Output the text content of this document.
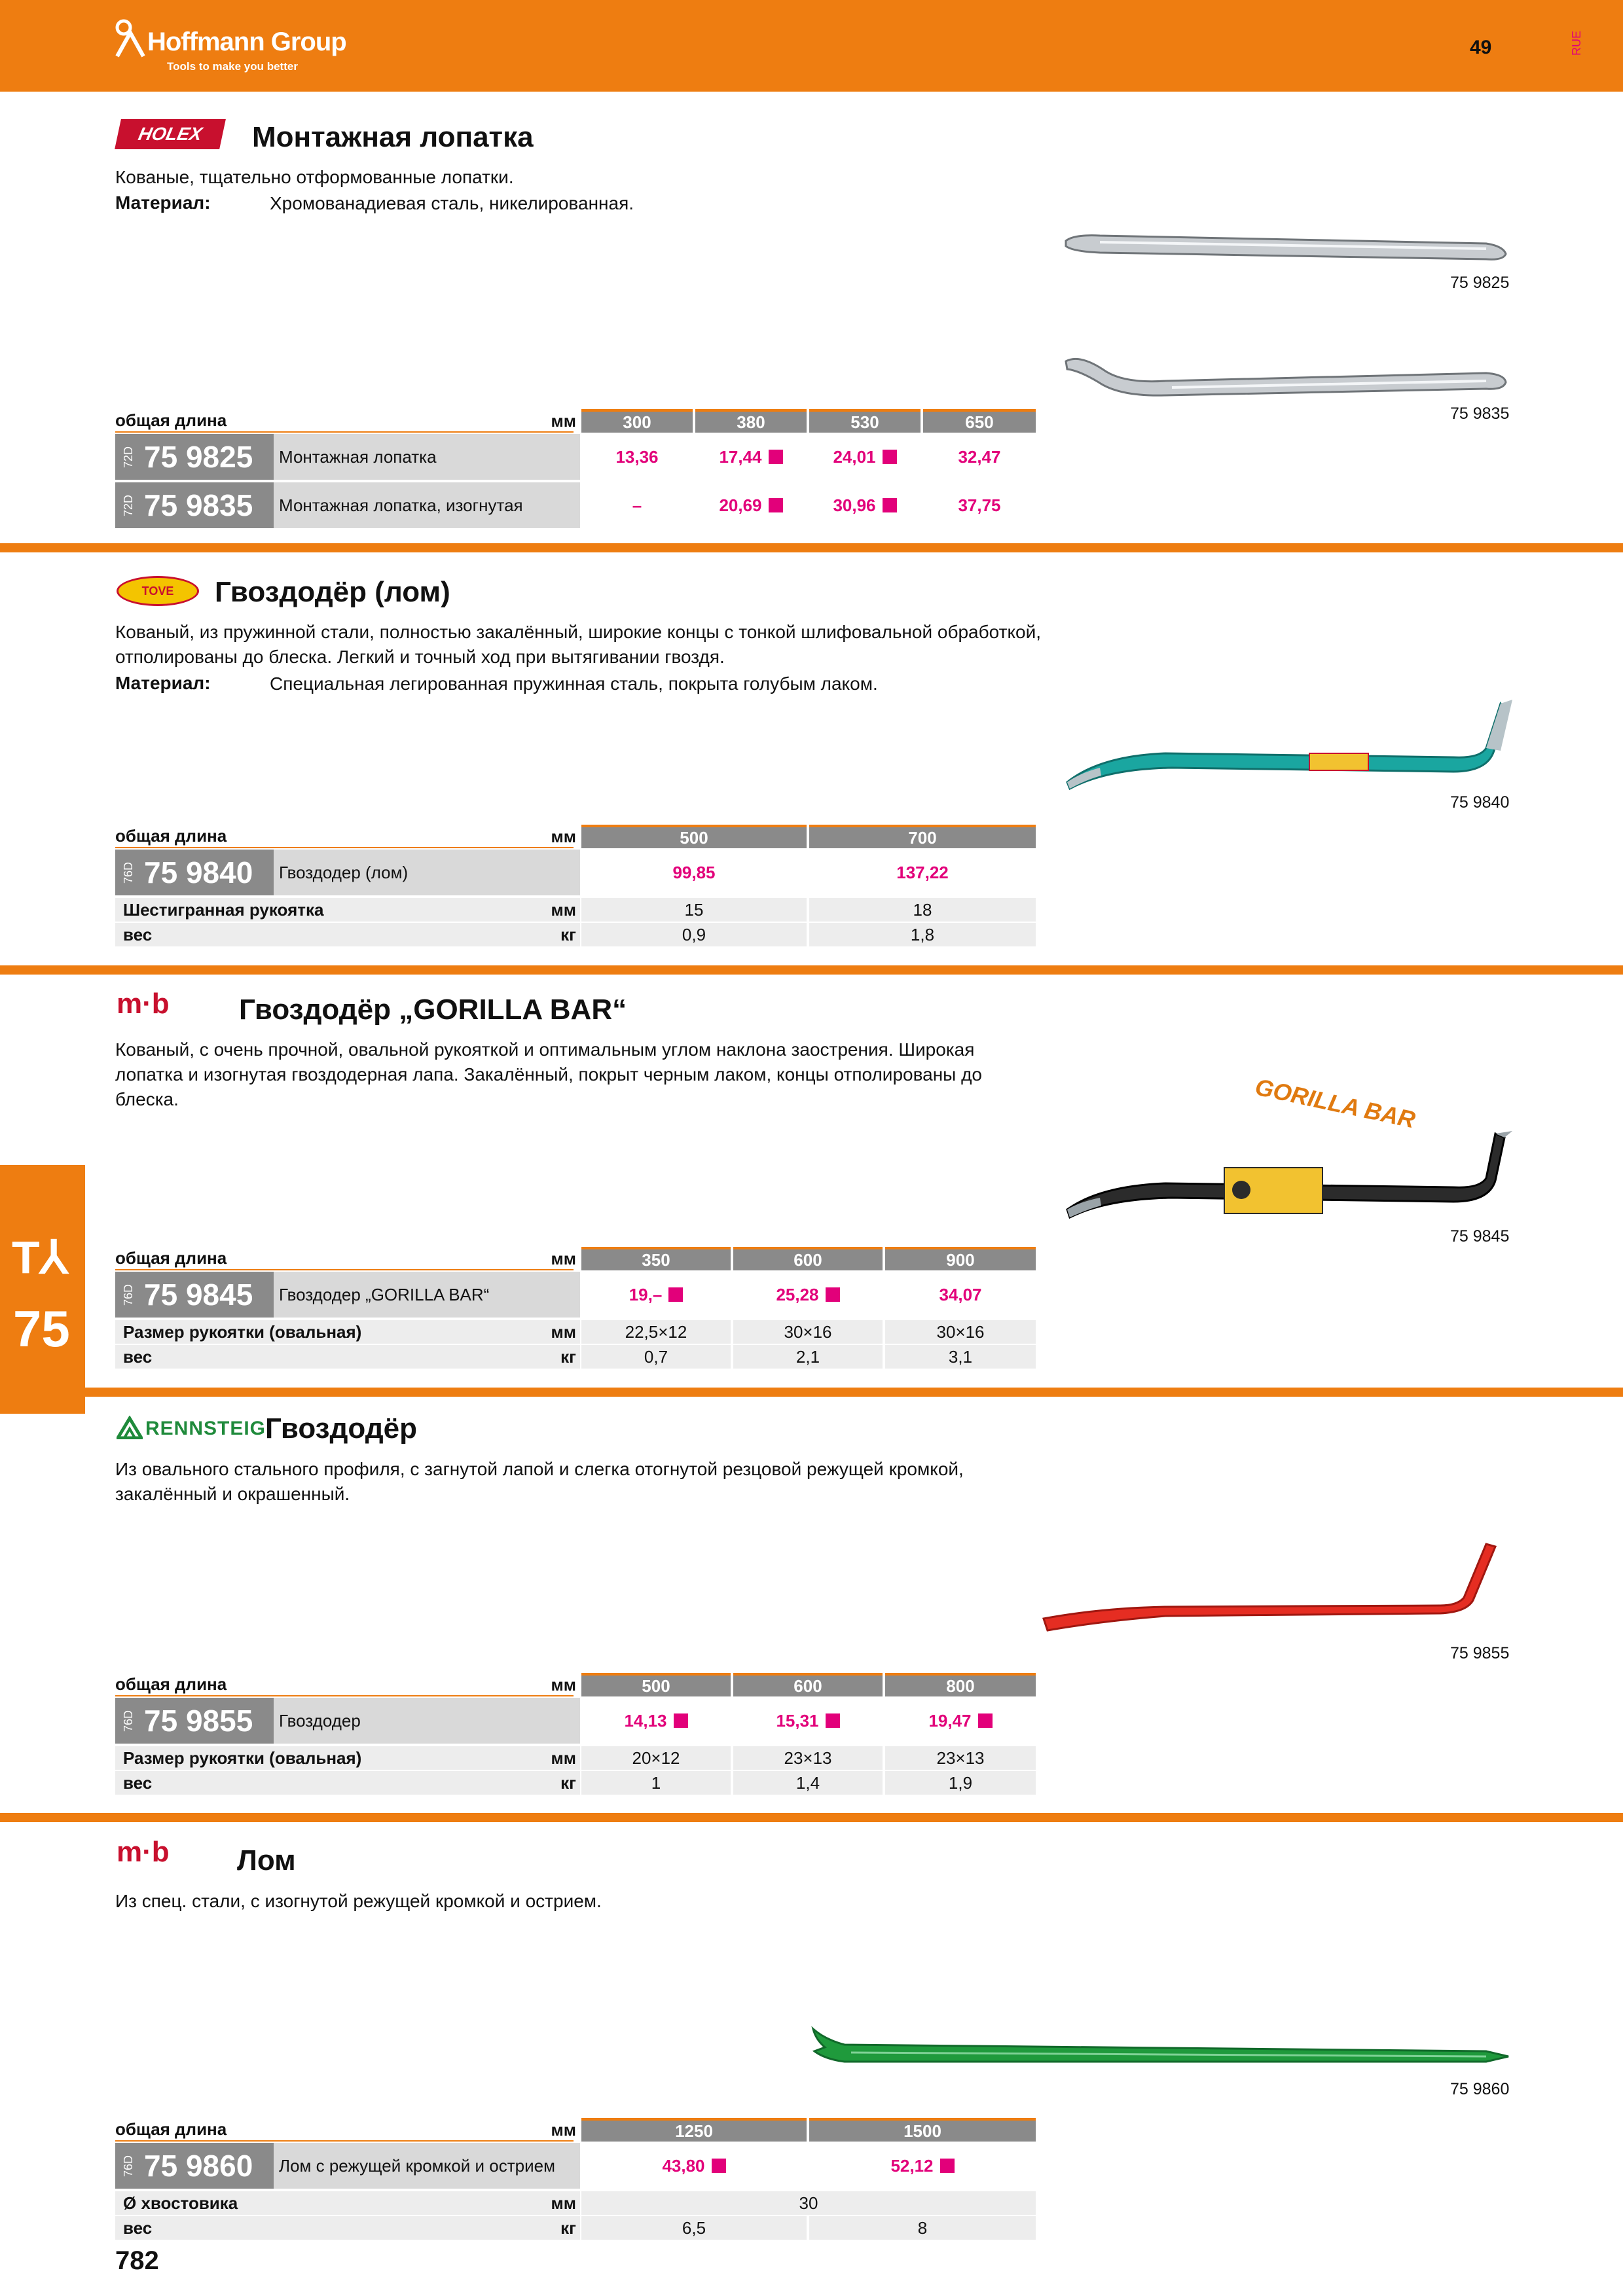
Hoffmann Group
Tools to make you better
49	RUE
T⅄
75
HOLEX	Монтажная лопатка
Кованые, тщательно отформованные лопатки.
Материал:	Хромованадиевая сталь, никелированная.
75 9825
75 9835
общая длина	мм	300	380	530	650
72D 75 9825	Монтажная лопатка	13,36	17,44	24,01	32,47
72D 75 9835	Монтажная лопатка, изогнутая	–	20,69	30,96	37,75
TOVE	Гвоздодёр (лом)
Кованый, из пружинной стали, полностью закалённый, широкие концы с тонкой шлифовальной обработкой, отполированы до блеска. Легкий и точный ход при вытягивании гвоздя.
Материал:	Специальная легированная пружинная сталь, покрыта голубым лаком.
75 9840
общая длина	мм	500	700
76D 75 9840	Гвоздодер (лом)	99,85	137,22
Шестигранная рукоятка	мм	15	18
вес	кг	0,9	1,8
m·b Гвоздодёр „GORILLA BAR“
Кованый, с очень прочной, овальной рукояткой и оптимальным углом наклона заострения. Широкая лопатка и изогнутая гвоздодерная лапа. Закалённый, покрыт черным лаком, концы отполированы до блеска.	GORILLA BAR
75 9845
общая длина	мм	350	600	900
76D 75 9845	Гвоздодер „GORILLA BAR“	19,–	25,28	34,07
Размер рукоятки (овальная)	мм	22,5×12	30×16	30×16
вес	кг	0,7	2,1	3,1
RENNSTEIG
Гвоздодёр
Из овального стального профиля, с загнутой лапой и слегка отогнутой резцовой режущей кромкой, закалённый и окрашенный.
75 9855
общая длина	мм	500	600	800
76D 75 9855	Гвоздодер	14,13	15,31	19,47
Размер рукоятки (овальная)	мм	20×12	23×13	23×13
вес	кг	1	1,4	1,9
m·b Лом
Из спец. стали, с изогнутой режущей кромкой и острием.
75 9860
общая длина	мм	1250	1500
76D 75 9860	Лом с режущей кромкой и острием	43,80	52,12
Ø хвостовика	мм	30
вес	кг	6,5	8
782
